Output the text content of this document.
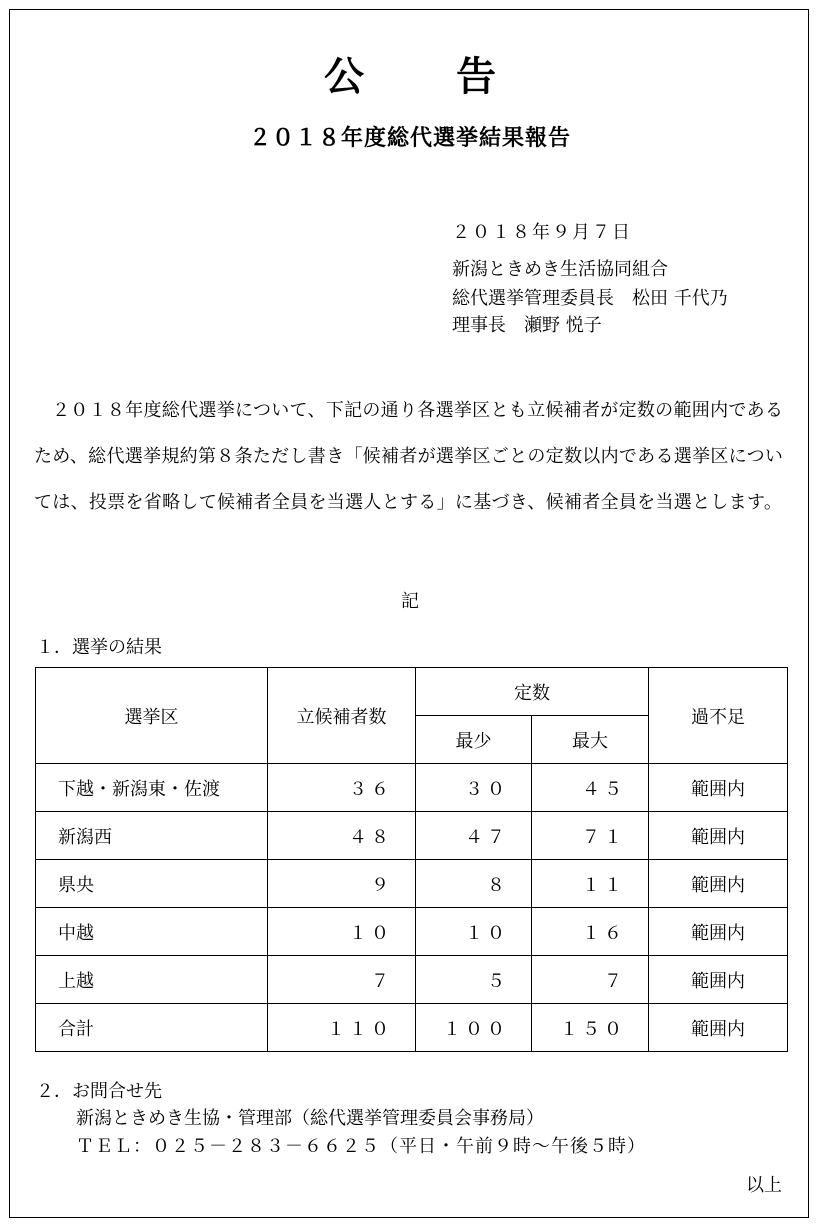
公告
２０１８年度総代選挙結果報告
２０１８年９月７日
新潟ときめき生活協同組合
総代選挙管理委員長　松田 千代乃
理事長　瀬野 悦子
２０１８年度総代選挙について、下記の通り各選挙区とも立候補者が定数の範囲内であるため、総代選挙規約第８条ただし書き「候補者が選挙区ごとの定数以内である選挙区については、投票を省略して候補者全員を当選人とする」に基づき、候補者全員を当選とします。
記
１．選挙の結果
選挙区	立候補者数	定数		過不足
		最少	最大	
下越・新潟東・佐渡	３６	３０	４５	範囲内
新潟西	４８	４７	７１	範囲内
県央	９	８	１１	範囲内
中越	１０	１０	１６	範囲内
上越	７	５	７	範囲内
合計	１１０	１００	１５０	範囲内
２．お問合せ先
新潟ときめき生協・管理部（総代選挙管理委員会事務局）
ＴＥＬ：０２５－２８３－６６２５（平日・午前９時～午後５時）
以上
